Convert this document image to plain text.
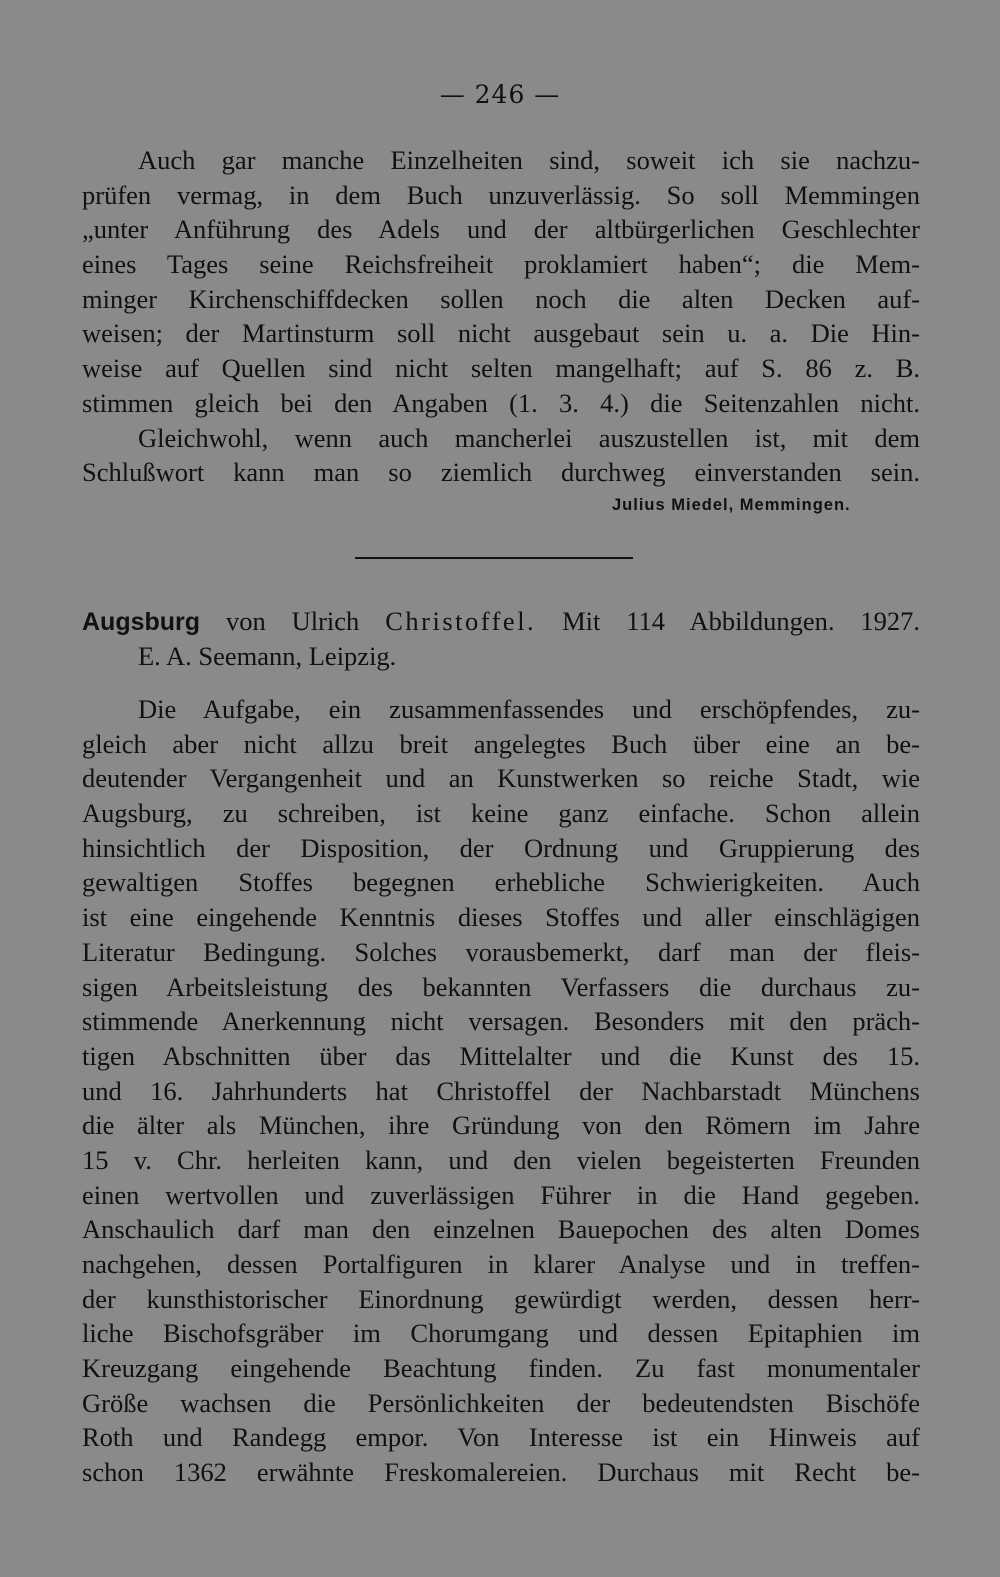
— 246 —
Auch gar manche Einzelheiten sind, soweit ich sie nachzu-
prüfen vermag, in dem Buch unzuverlässig. So soll Memmingen
„unter Anführung des Adels und der altbürgerlichen Geschlechter
eines Tages seine Reichsfreiheit proklamiert haben“; die Mem-
minger Kirchenschiffdecken sollen noch die alten Decken auf-
weisen; der Martinsturm soll nicht ausgebaut sein u. a. Die Hin-
weise auf Quellen sind nicht selten mangelhaft; auf S. 86 z. B.
stimmen gleich bei den Angaben (1. 3. 4.) die Seitenzahlen nicht.
Gleichwohl, wenn auch mancherlei auszustellen ist, mit dem
Schlußwort kann man so ziemlich durchweg einverstanden sein.
Julius Miedel, Memmingen.
Augsburg von Ulrich Christoffel. Mit 114 Abbildungen. 1927.
E. A. Seemann, Leipzig.
Die Aufgabe, ein zusammenfassendes und erschöpfendes, zu-
gleich aber nicht allzu breit angelegtes Buch über eine an be-
deutender Vergangenheit und an Kunstwerken so reiche Stadt, wie
Augsburg, zu schreiben, ist keine ganz einfache. Schon allein
hinsichtlich der Disposition, der Ordnung und Gruppierung des
gewaltigen Stoffes begegnen erhebliche Schwierigkeiten. Auch
ist eine eingehende Kenntnis dieses Stoffes und aller einschlägigen
Literatur Bedingung. Solches vorausbemerkt, darf man der fleis-
sigen Arbeitsleistung des bekannten Verfassers die durchaus zu-
stimmende Anerkennung nicht versagen. Besonders mit den präch-
tigen Abschnitten über das Mittelalter und die Kunst des 15.
und 16. Jahrhunderts hat Christoffel der Nachbarstadt Münchens
die älter als München, ihre Gründung von den Römern im Jahre
15 v. Chr. herleiten kann, und den vielen begeisterten Freunden
einen wertvollen und zuverlässigen Führer in die Hand gegeben.
Anschaulich darf man den einzelnen Bauepochen des alten Domes
nachgehen, dessen Portalfiguren in klarer Analyse und in treffen-
der kunsthistorischer Einordnung gewürdigt werden, dessen herr-
liche Bischofsgräber im Chorumgang und dessen Epitaphien im
Kreuzgang eingehende Beachtung finden. Zu fast monumentaler
Größe wachsen die Persönlichkeiten der bedeutendsten Bischöfe
Roth und Randegg empor. Von Interesse ist ein Hinweis auf
schon 1362 erwähnte Freskomalereien. Durchaus mit Recht be-
